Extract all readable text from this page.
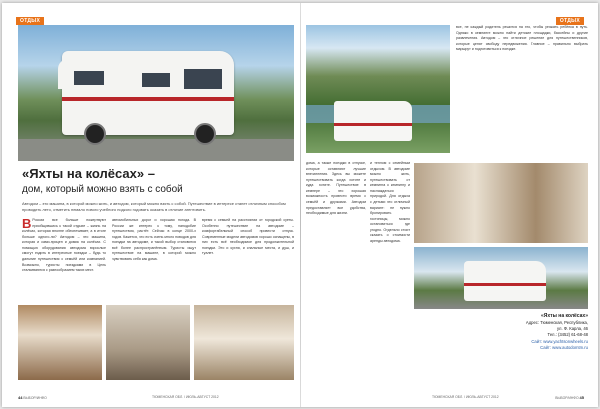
ОТДЫХ
«Яхты на колёсах» –
дом, который можно взять с собой
Автодом – это машина, в которой можно жить, и автодом, который можно взять с собой. Путешествие в интересе станет отличным способом проводить лето, отметить немало нового учебного подкого годовать оказать в отличие агентовить.
В России все больше пожертвуют приобщившись к такой отдыхе – жизнь на колёсах, которая вполне обеспечивает, а в итоге больше одного-ли? Автодом – это машина, которая и сами-прицеп и домик на колёсах. С помощью оборудования автодома взрослые смогут ездить в интересные поездки – будь то дальние путешествия с семьёй или компанией. Возможно, туристы поездками в Цель сталкиваются с разнообразием таких мест.
автомобильных дорог и хорошая погода. В России же интерес к тому, наподобие путешествия, растёт. Сейчас в конце 2000-х годов. Кажется, что есть очень много поводов для поездки на автодоме, и такой выбор становится всё более распространённым. Туристы ищут путешествие на машине, в которой можно чувствовать себя как дома.
время с семьей на расстоянии от городской суеты. Особенно путешествие на автодоме – комфортабельный способ провести отпуск. Современные модели автодомов хорошо оснащены, в них есть всё необходимое для продолжительной поездки. Это и кухня, и спальные места, и душ, и туалет.
44 ВЫБОР/ИНФО	ТЮМЕНСКАЯ ОБЛ. / ИЮЛЬ-АВГУСТ 2012
ОТДЫХ
дома, а также поездки в отпуске, которые оставляют лучшие впечатления. Здесь вы можете путешествовать когда хотите и куда хотите. Путешествие в кемпере – это хорошая возможность провести время с семьёй и друзьями. Автодом предоставляет все удобства, необходимые для жизни.
и теплом с семейным отдыхом. В автодоме можно жить, путешествовать от кемпинга к кемпингу и наслаждаться природой. Для отдыха с детьми это отличный вариант: не нужно бронировать гостиницы, можно остановиться где угодно. Отдельно стоит сказать о стоимости аренды автодома.
все, не каждый родитель решится на это, чтобы уезжать ребёнка в путь. Однако в кемпинге можно найти детские площадки, бассейны и другие развлечения. Автодом – это отличное решение для путешественников, которые ценят свободу передвижения. Главное – правильно выбрать маршрут и подготовиться к поездке.
«Яхты на колёсах»
Адрес: Тюменская, Республика,
ул. Ф. Карла, 46
Тел.: (3452) 61-68-48
Сайт: www.yachtsonwheels.ru
Сайт: www.autodomtm.ru
ТЮМЕНСКАЯ ОБЛ. / ИЮЛЬ-АВГУСТ 2012	ВЫБОР/ИНФО 45
